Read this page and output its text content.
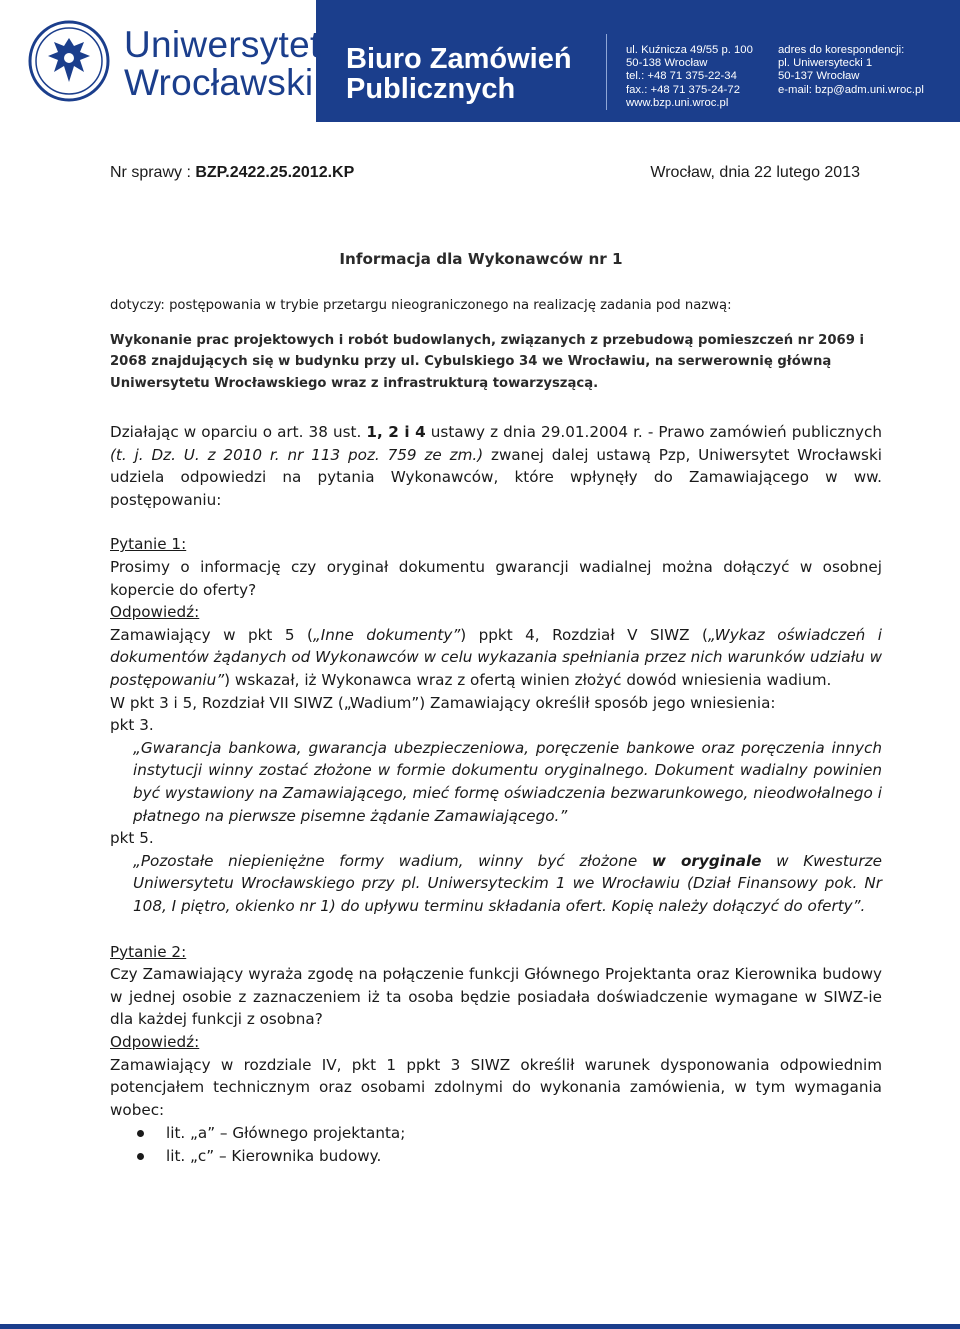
Uniwersytet
Wrocławski
Biuro Zamówień
Publicznych
ul. Kuźnicza 49/55 p. 100
50-138 Wrocław
tel.: +48 71 375-22-34
fax.: +48 71 375-24-72
www.bzp.uni.wroc.pl
adres do korespondencji:
pl. Uniwersytecki 1
50-137 Wrocław
e-mail: bzp@adm.uni.wroc.pl
Nr sprawy : BZP.2422.25.2012.KP	Wrocław, dnia 22 lutego 2013
Informacja dla Wykonawców nr 1
dotyczy: postępowania w trybie przetargu nieograniczonego na realizację zadania pod nazwą:
Wykonanie prac projektowych i robót budowlanych, związanych z przebudową pomieszczeń nr 2069 i 2068 znajdujących się w budynku przy ul. Cybulskiego 34 we Wrocławiu, na serwerownię główną Uniwersytetu Wrocławskiego wraz z infrastrukturą towarzyszącą.
Działając w oparciu o art. 38 ust. 1, 2 i 4 ustawy z dnia 29.01.2004 r. - Prawo zamówień publicznych (t. j. Dz. U. z 2010 r. nr 113 poz. 759 ze zm.) zwanej dalej ustawą Pzp, Uniwersytet Wrocławski udziela odpowiedzi na pytania Wykonawców, które wpłynęły do Zamawiającego w ww. postępowaniu:
Pytanie 1:
Prosimy o informację czy oryginał dokumentu gwarancji wadialnej można dołączyć w osobnej kopercie do oferty?
Odpowiedź:
Zamawiający w pkt 5 („Inne dokumenty”) ppkt 4, Rozdział V SIWZ („Wykaz oświadczeń i dokumentów żądanych od Wykonawców w celu wykazania spełniania przez nich warunków udziału w postępowaniu”) wskazał, iż Wykonawca wraz z ofertą winien złożyć dowód wniesienia wadium.
W pkt 3 i 5, Rozdział VII SIWZ („Wadium”) Zamawiający określił sposób jego wniesienia:
pkt 3.
„Gwarancja bankowa, gwarancja ubezpieczeniowa, poręczenie bankowe oraz poręczenia innych instytucji winny zostać złożone w formie dokumentu oryginalnego. Dokument wadialny powinien być wystawiony na Zamawiającego, mieć formę oświadczenia bezwarunkowego, nieodwołalnego i płatnego na pierwsze pisemne żądanie Zamawiającego.”
pkt 5.
„Pozostałe niepieniężne formy wadium, winny być złożone w oryginale w Kwesturze Uniwersytetu Wrocławskiego przy pl. Uniwersyteckim 1 we Wrocławiu (Dział Finansowy pok. Nr 108, I piętro, okienko nr 1) do upływu terminu składania ofert. Kopię należy dołączyć do oferty”.
Pytanie 2:
Czy Zamawiający wyraża zgodę na połączenie funkcji Głównego Projektanta oraz Kierownika budowy w jednej osobie z zaznaczeniem iż ta osoba będzie posiadała doświadczenie wymagane w SIWZ-ie dla każdej funkcji z osobna?
Odpowiedź:
Zamawiający w rozdziale IV, pkt 1 ppkt 3 SIWZ określił warunek dysponowania odpowiednim potencjałem technicznym oraz osobami zdolnymi do wykonania zamówienia, w tym wymagania wobec:
lit. „a” – Głównego projektanta;
lit. „c” – Kierownika budowy.
